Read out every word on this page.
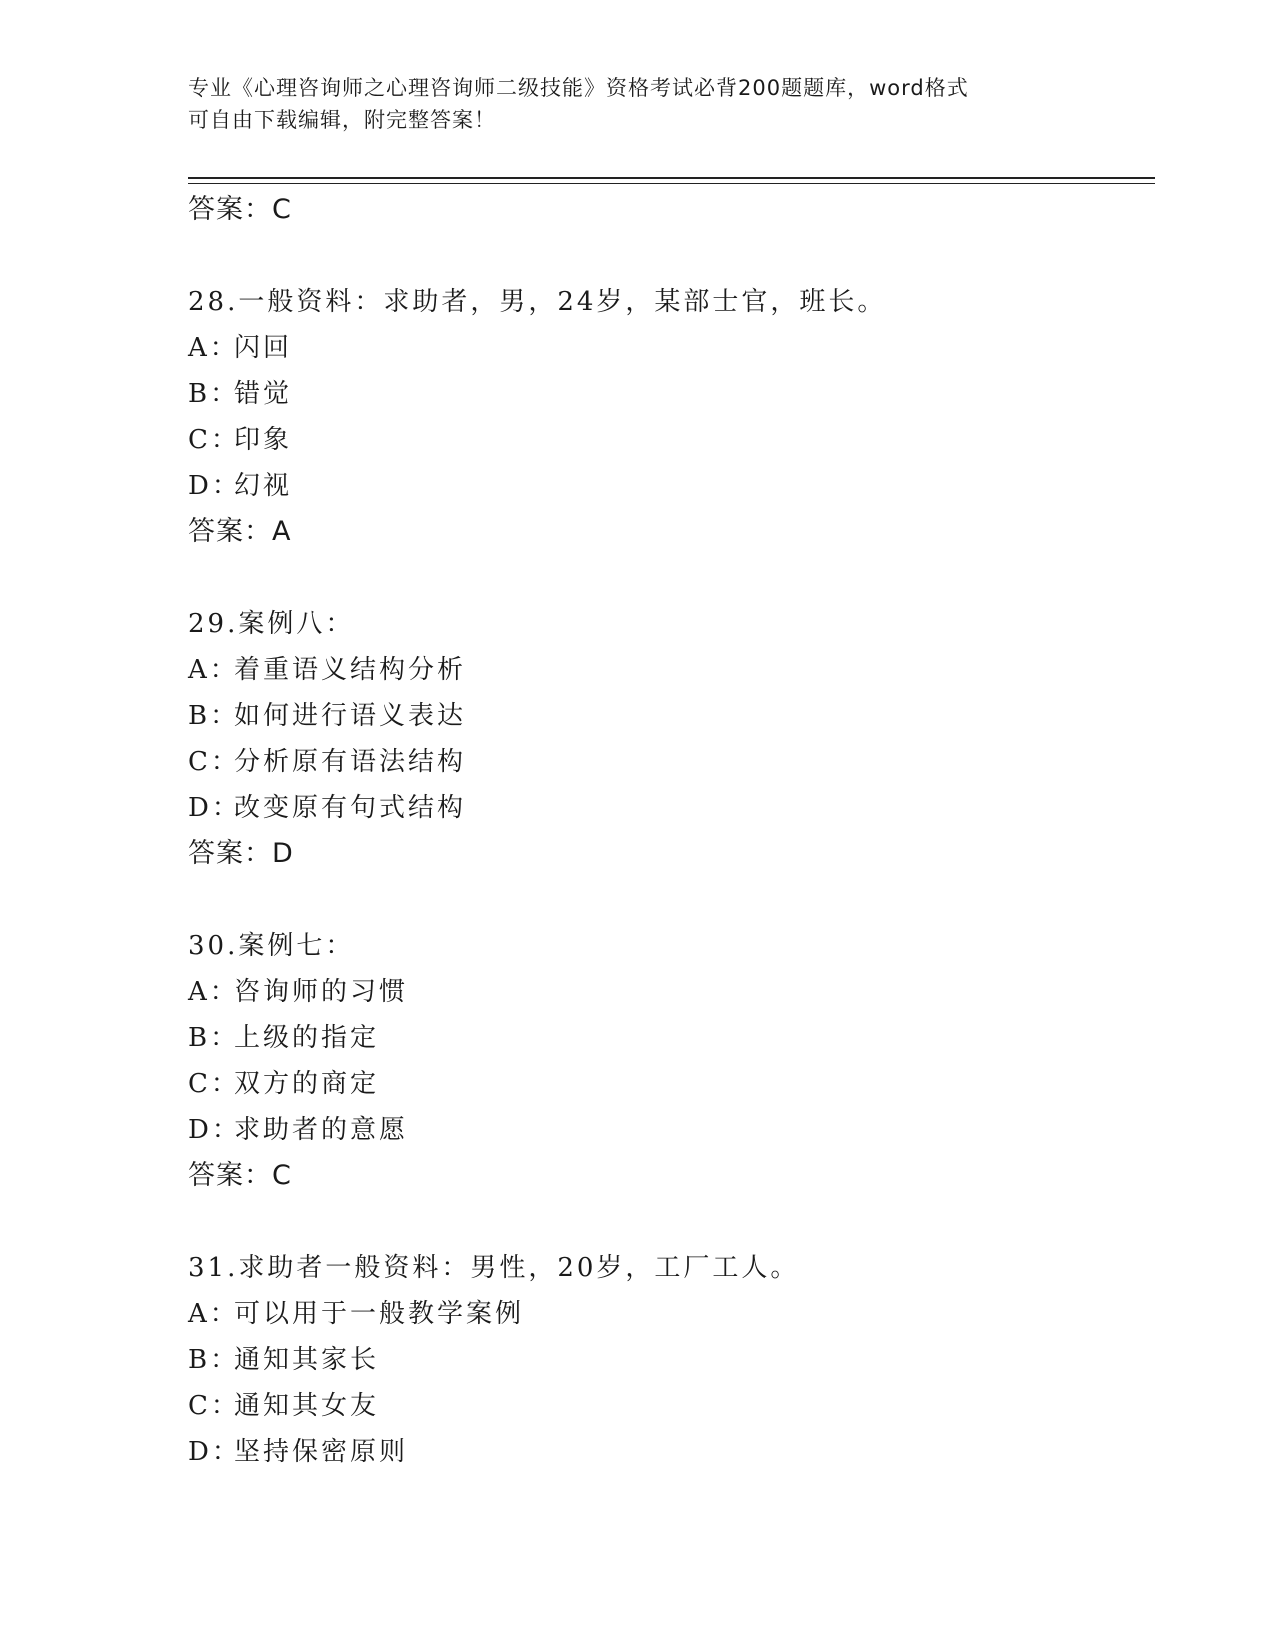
专业《心理咨询师之心理咨询师二级技能》资格考试必背200题题库，word格式
可自由下载编辑，附完整答案！
答案：C
28.一般资料：求助者，男，24岁，某部士官，班长。
A：闪回
B：错觉
C：印象
D：幻视
答案：A
29.案例八：
A：着重语义结构分析
B：如何进行语义表达
C：分析原有语法结构
D：改变原有句式结构
答案：D
30.案例七：
A：咨询师的习惯
B：上级的指定
C：双方的商定
D：求助者的意愿
答案：C
31.求助者一般资料：男性，20岁，工厂工人。
A：可以用于一般教学案例
B：通知其家长
C：通知其女友
D：坚持保密原则
